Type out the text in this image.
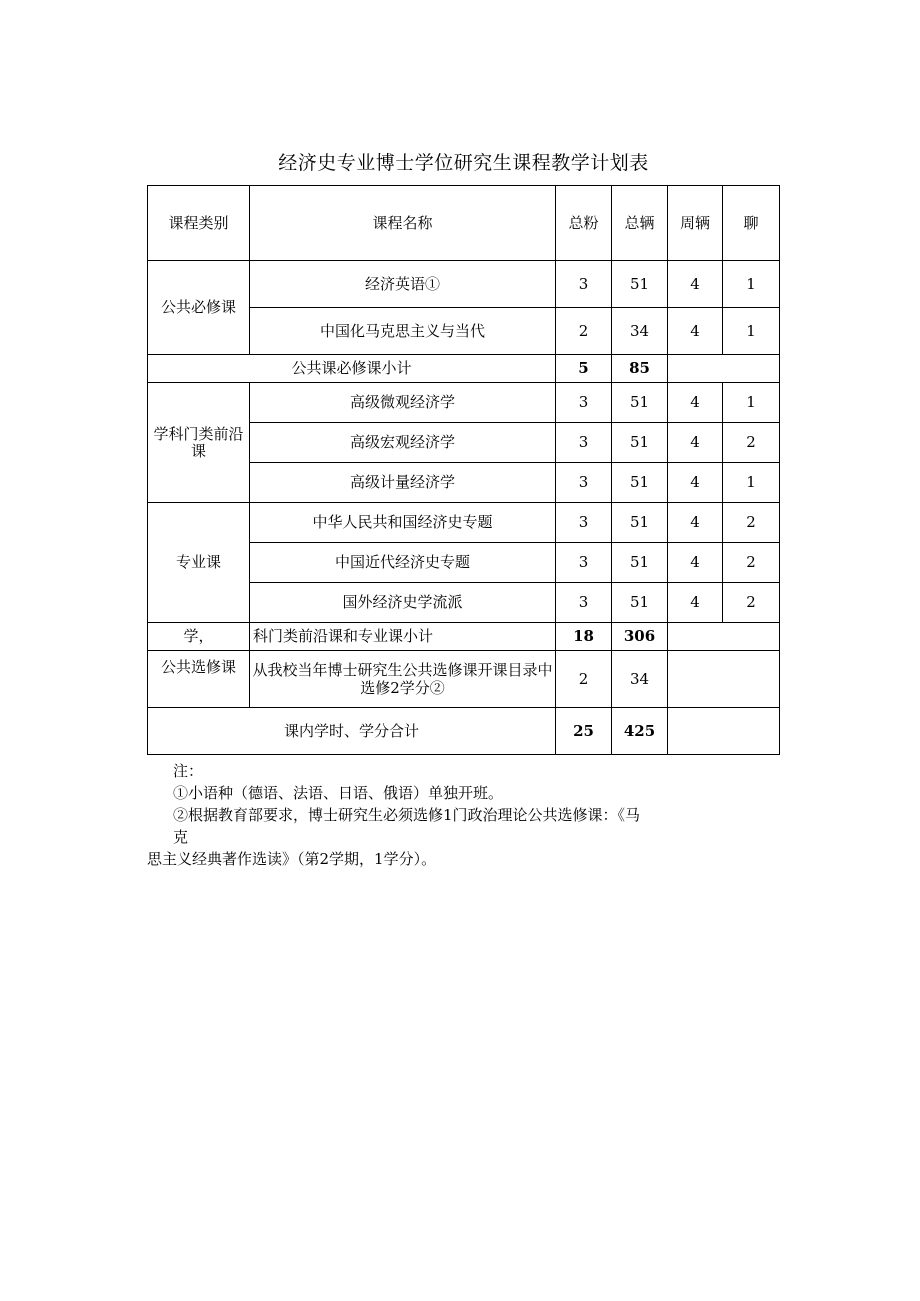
经济史专业博士学位研究生课程教学计划表
课程类别	课程名称	总粉	总辆	周辆	聊
公共必修课	经济英语①	3	51	4	1
	中国化马克思主义与当代	2	34	4	1
公共课必修课小计		5	85		
学科门类前沿课	高级微观经济学	3	51	4	1
	高级宏观经济学	3	51	4	2
	高级计量经济学	3	51	4	1
专业课	中华人民共和国经济史专题	3	51	4	2
	中国近代经济史专题	3	51	4	2
	国外经济史学流派	3	51	4	2
学，	科门类前沿课和专业课小计	18	306		
公共选修课	从我校当年博士研究生公共选修课开课目录中选修2学分②	2	34		
课内学时、学分合计		25	425		
注：
①小语种（德语、法语、日语、俄语）单独开班。
②根据教育部要求，博士研究生必须选修1门政治理论公共选修课：《马
克
思主义经典著作选读》（第2学期，1学分）。
